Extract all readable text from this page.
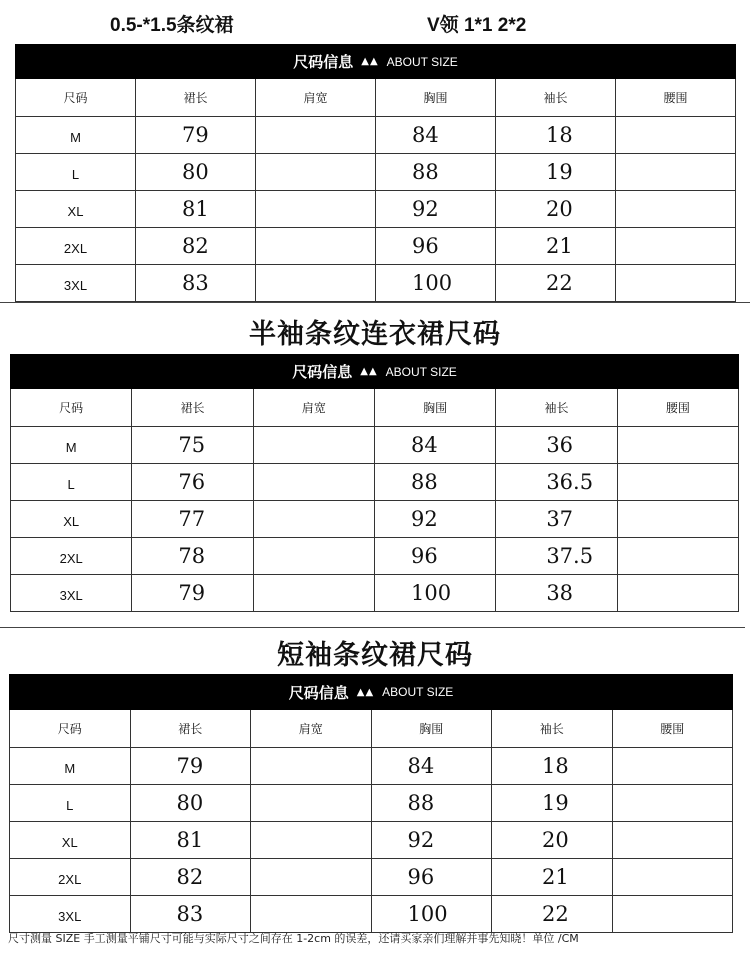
0.5-*1.5条纹裙	V领 1*1 2*2
半袖条纹连衣裙尺码
短袖条纹裙尺码
尺码信息 ▲▲ ABOUT SIZE					

尺码	裙长	肩宽	胸围	袖长	腰围
M	79		84	18	
L	80		88	19	
XL	81		92	20	
2XL	82		96	21	
3XL	83		100	22	
尺码信息 ▲▲ ABOUT SIZE					

尺码	裙长	肩宽	胸围	袖长	腰围
M	75		84	36	
L	76		88	36.5	
XL	77		92	37	
2XL	78		96	37.5	
3XL	79		100	38	
尺码信息 ▲▲ ABOUT SIZE					

尺码	裙长	肩宽	胸围	袖长	腰围
M	79		84	18	
L	80		88	19	
XL	81		92	20	
2XL	82		96	21	
3XL	83		100	22	
尺寸测量 SIZE 手工测量平铺尺寸可能与实际尺寸之间存在 1-2cm 的误差，还请买家亲们理解并事先知晓！单位 /CM
